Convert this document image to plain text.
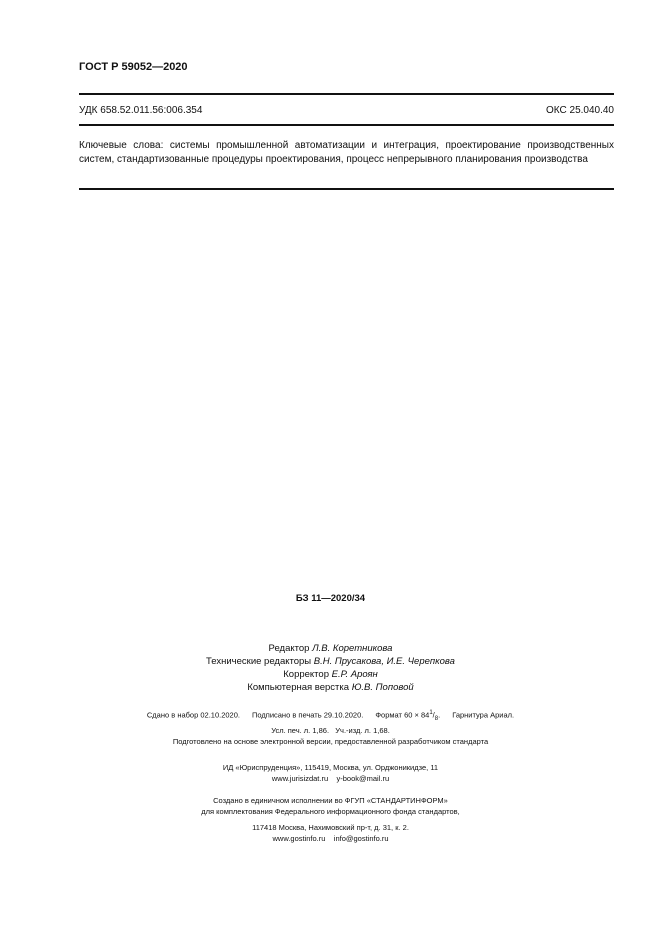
ГОСТ Р 59052—2020
УДК 658.52.011.56:006.354	ОКС 25.040.40
Ключевые слова: системы промышленной автоматизации и интеграция, проектирование производственных систем, стандартизованные процедуры проектирования, процесс непрерывного планирования производства
БЗ 11—2020/34
Редактор Л.В. Коретникова
Технические редакторы В.Н. Прусакова, И.Е. Черепкова
Корректор Е.Р. Ароян
Компьютерная верстка Ю.В. Поповой
Сдано в набор 02.10.2020. Подписано в печать 29.10.2020. Формат $60 \times 84^1/_8$. Гарнитура Ариал.
Усл. печ. л. 1,86. Уч.-изд. л. 1,68.
Подготовлено на основе электронной версии, предоставленной разработчиком стандарта
ИД «Юриспруденция», 115419, Москва, ул. Орджоникидзе, 11
www.jurisizdat.ru y-book@mail.ru
Создано в единичном исполнении во ФГУП «СТАНДАРТИНФОРМ»
для комплектования Федерального информационного фонда стандартов,
117418 Москва, Нахимовский пр-т, д. 31, к. 2.
www.gostinfo.ru info@gostinfo.ru
